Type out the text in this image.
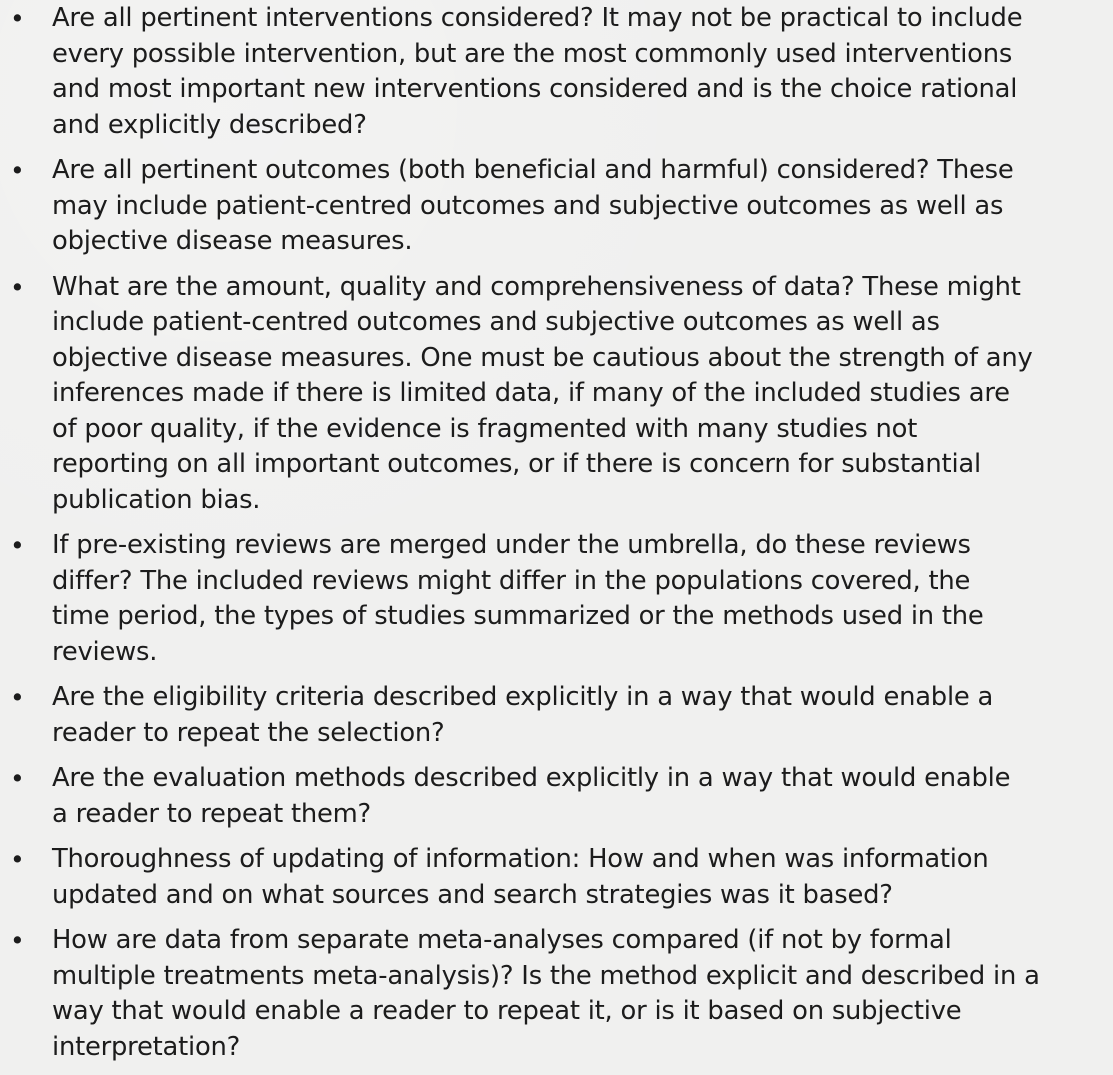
•	Are all pertinent interventions considered? It may not be practical to include
every possible intervention, but are the most commonly used interventions
and most important new interventions considered and is the choice rational
and explicitly described?
•	Are all pertinent outcomes (both beneficial and harmful) considered? These
may include patient-centred outcomes and subjective outcomes as well as
objective disease measures.
•	What are the amount, quality and comprehensiveness of data? These might
include patient-centred outcomes and subjective outcomes as well as
objective disease measures. One must be cautious about the strength of any
inferences made if there is limited data, if many of the included studies are
of poor quality, if the evidence is fragmented with many studies not
reporting on all important outcomes, or if there is concern for substantial
publication bias.
•	If pre-existing reviews are merged under the umbrella, do these reviews
differ? The included reviews might differ in the populations covered, the
time period, the types of studies summarized or the methods used in the
reviews.
•	Are the eligibility criteria described explicitly in a way that would enable a
reader to repeat the selection?
•	Are the evaluation methods described explicitly in a way that would enable
a reader to repeat them?
•	Thoroughness of updating of information: How and when was information
updated and on what sources and search strategies was it based?
•	How are data from separate meta-analyses compared (if not by formal
multiple treatments meta-analysis)? Is the method explicit and described in a
way that would enable a reader to repeat it, or is it based on subjective
interpretation?
